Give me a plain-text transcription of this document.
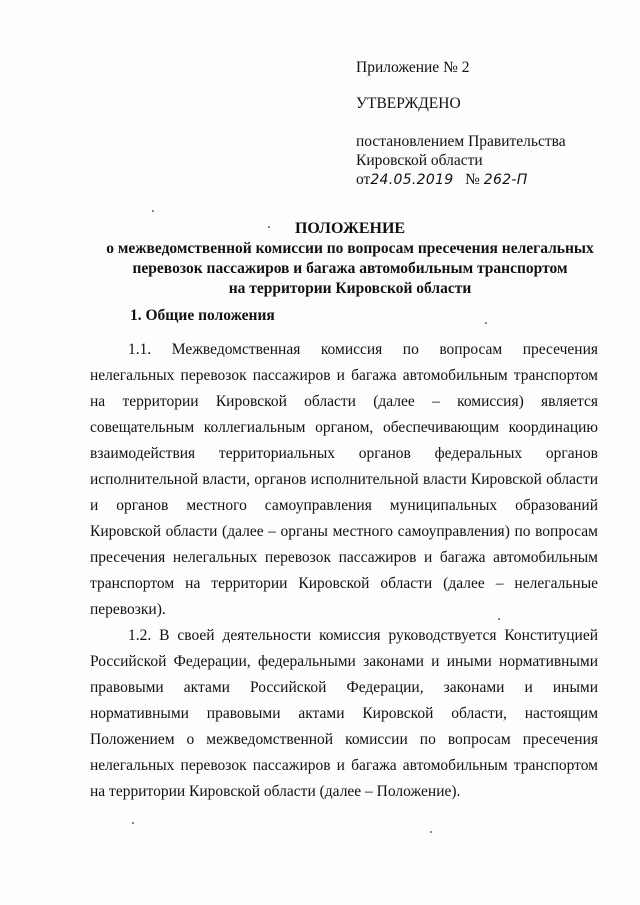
Приложение № 2
УТВЕРЖДЕНО
постановлением Правительства
Кировской области
от24.05.2019 № 262-П
ПОЛОЖЕНИЕ
о межведомственной комиссии по вопросам пресечения нелегальных
перевозок пассажиров и багажа автомобильным транспортом
на территории Кировской области
1. Общие положения

1.1. Межведомственная комиссия по вопросам пресечения нелегальных перевозок пассажиров и багажа автомобильным транспортом на территории Кировской области (далее – комиссия) является совещательным коллегиальным органом, обеспечивающим координацию взаимодействия территориальных органов федеральных органов исполнительной власти, органов исполнительной власти Кировской области и органов местного самоуправления муниципальных образований Кировской области (далее – органы местного самоуправления) по вопросам пресечения нелегальных перевозок пассажиров и багажа автомобильным транспортом на территории Кировской области (далее – нелегальные перевозки).

1.2. В своей деятельности комиссия руководствуется Конституцией Российской Федерации, федеральными законами и иными нормативными правовыми актами Российской Федерации, законами и иными нормативными правовыми актами Кировской области, настоящим Положением о межведомственной комиссии по вопросам пресечения нелегальных перевозок пассажиров и багажа автомобильным транспортом на территории Кировской области (далее – Положение).
